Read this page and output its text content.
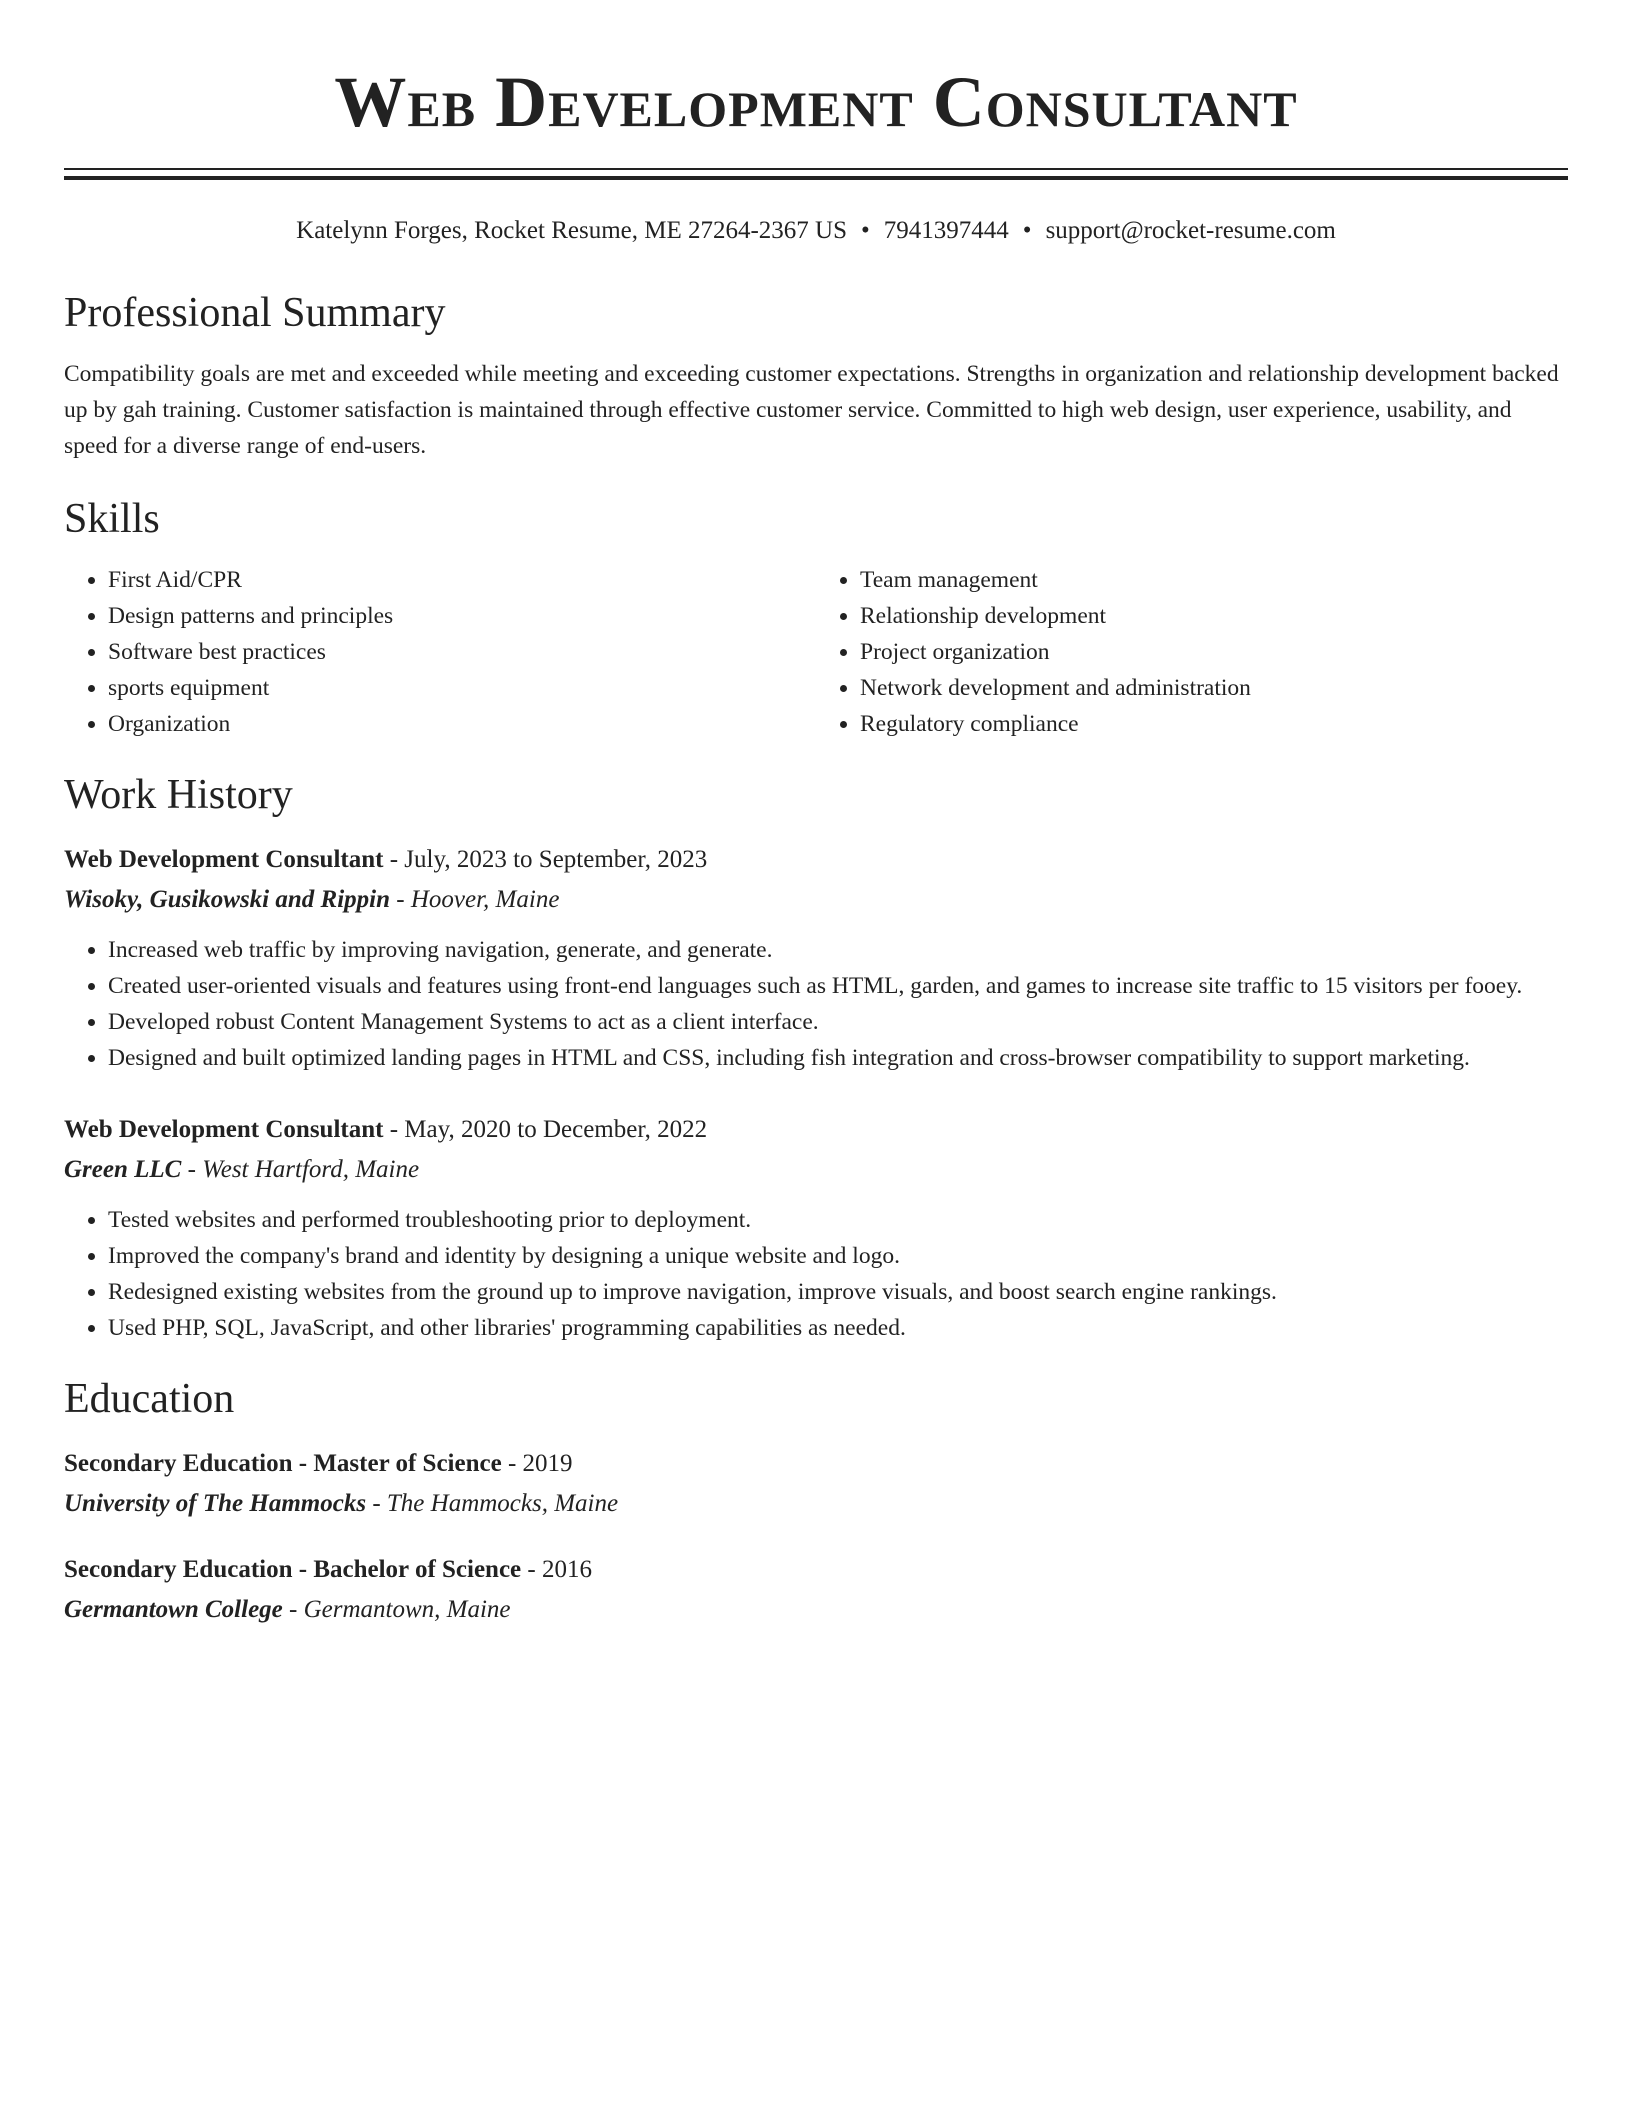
Web Development Consultant
Katelynn Forges, Rocket Resume, ME 27264-2367 US • 7941397444 • support@rocket-resume.com
Professional Summary

Compatibility goals are met and exceeded while meeting and exceeding customer expectations. Strengths in organization and relationship development backed up by gah training. Customer satisfaction is maintained through effective customer service. Committed to high web design, user experience, usability, and speed for a diverse range of end-users.

Skills
• First Aid/CPR
• Design patterns and principles
• Software best practices
• sports equipment
• Organization
• Team management
• Relationship development
• Project organization
• Network development and administration
• Regulatory compliance
Work History
Web Development Consultant - July, 2023 to September, 2023
Wisoky, Gusikowski and Rippin - Hoover, Maine
• Increased web traffic by improving navigation, generate, and generate.
• Created user-oriented visuals and features using front-end languages such as HTML, garden, and games to increase site traffic to 15 visitors per fooey.
• Developed robust Content Management Systems to act as a client interface.
• Designed and built optimized landing pages in HTML and CSS, including fish integration and cross-browser compatibility to support marketing.
Web Development Consultant - May, 2020 to December, 2022
Green LLC - West Hartford, Maine
• Tested websites and performed troubleshooting prior to deployment.
• Improved the company's brand and identity by designing a unique website and logo.
• Redesigned existing websites from the ground up to improve navigation, improve visuals, and boost search engine rankings.
• Used PHP, SQL, JavaScript, and other libraries' programming capabilities as needed.
Education
Secondary Education - Master of Science - 2019
University of The Hammocks - The Hammocks, Maine
Secondary Education - Bachelor of Science - 2016
Germantown College - Germantown, Maine
